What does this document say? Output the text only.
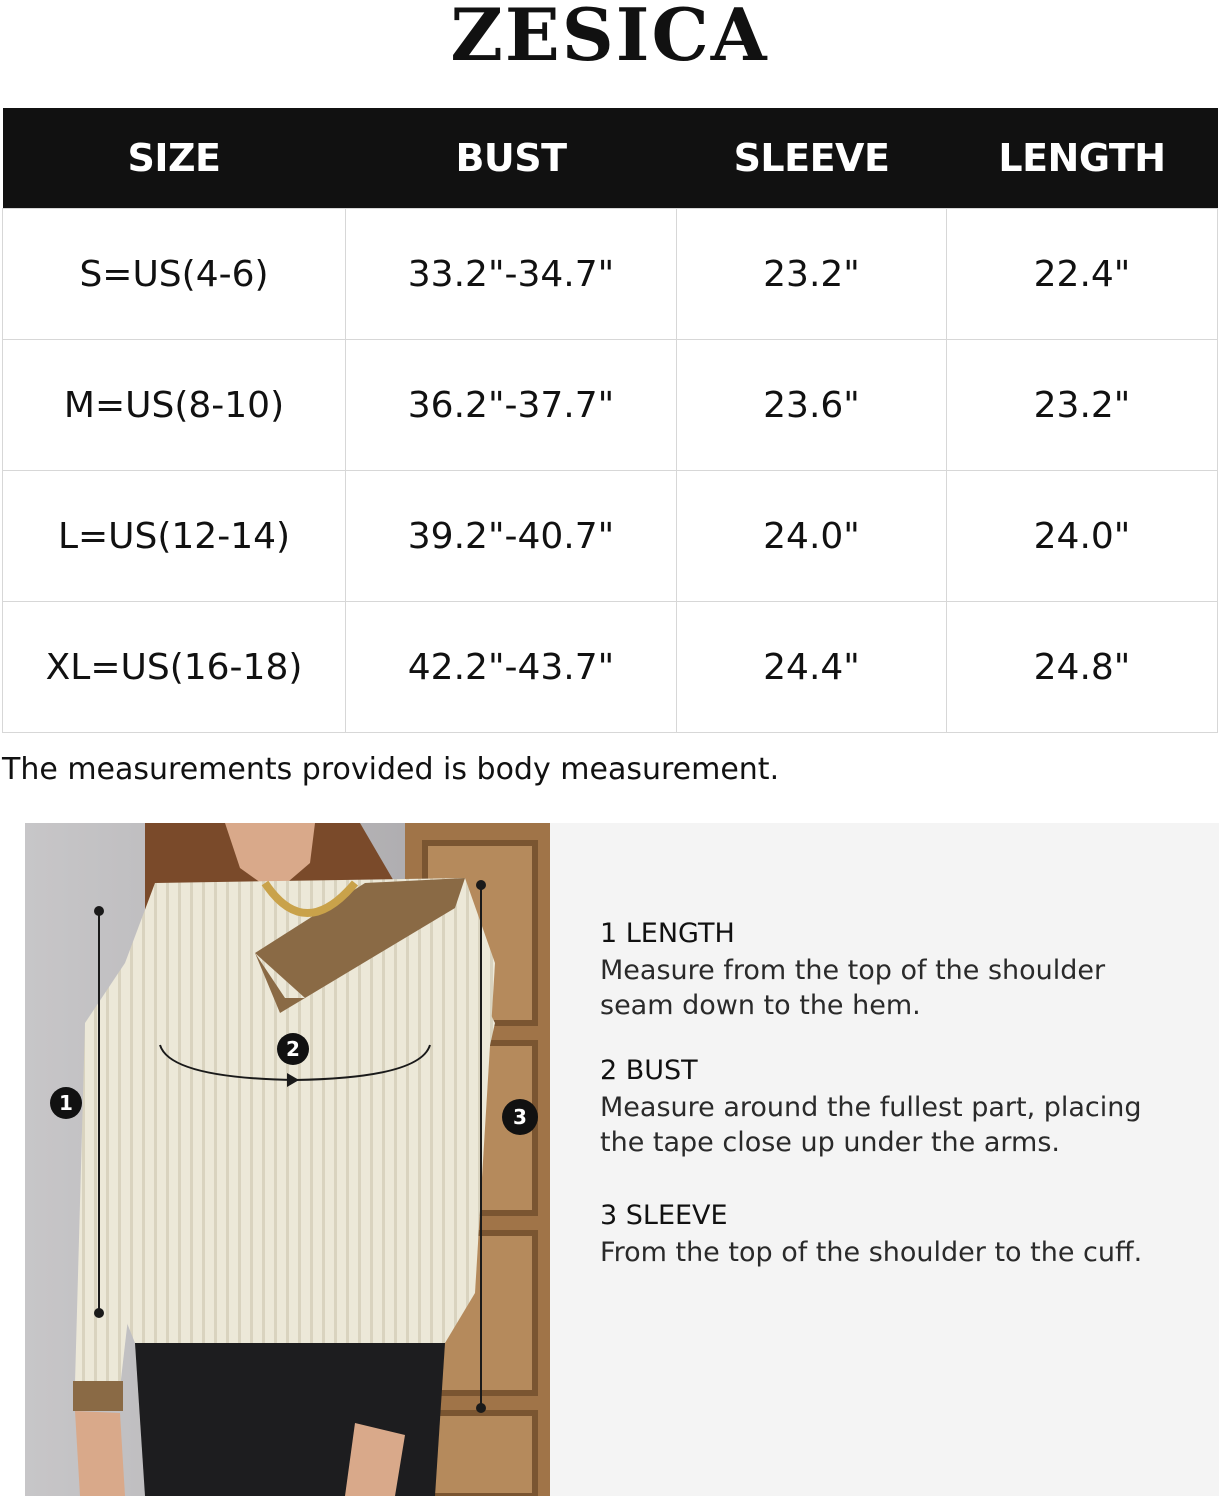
ZESICA
SIZE	BUST	SLEEVE	LENGTH
S=US(4-6)	33.2"-34.7"	23.2"	22.4"
M=US(8-10)	36.2"-37.7"	23.6"	23.2"
L=US(12-14)	39.2"-40.7"	24.0"	24.0"
XL=US(16-18)	42.2"-43.7"	24.4"	24.8"
The measurements provided is body measurement.
1
2
3
1 LENGTH
Measure from the top of the shoulder
seam down to the hem.
2 BUST
Measure around the fullest part, placing
the tape close up under the arms.
3 SLEEVE
From the top of the shoulder to the cuff.
